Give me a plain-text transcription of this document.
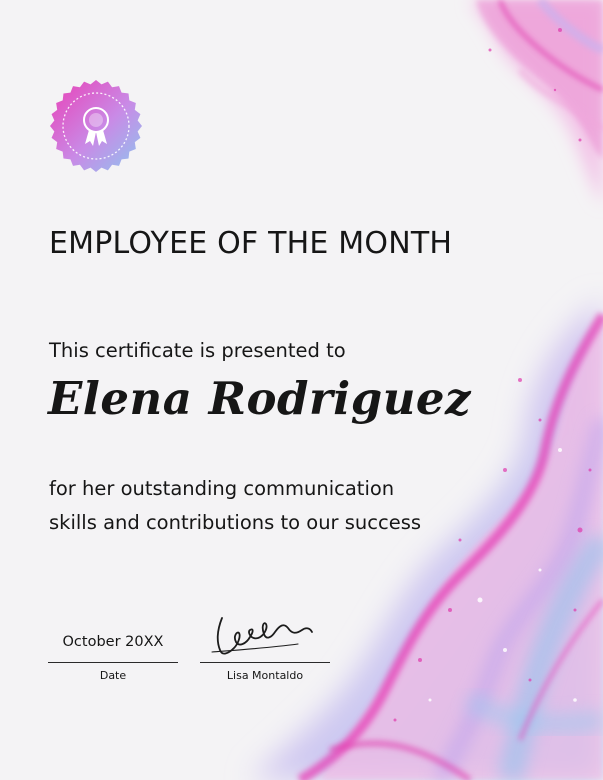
EMPLOYEE OF THE MONTH
This certificate is presented to
Elena Rodriguez
for her outstanding communication
skills and contributions to our success
October 20XX
Date	Lisa Montaldo
